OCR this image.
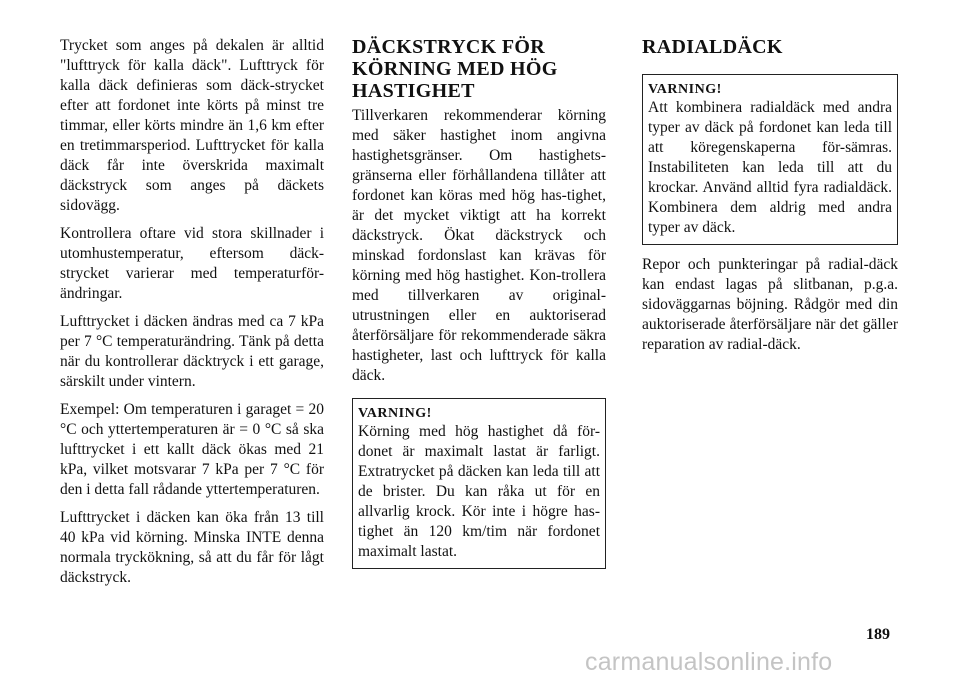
Trycket som anges på dekalen är alltid "lufttryck för kalla däck". Lufttryck för kalla däck definieras som däck-strycket efter att fordonet inte körts på minst tre timmar, eller körts mindre än 1,6 km efter en tretimmarsperiod. Lufttrycket för kalla däck får inte överskrida maximalt däckstryck som anges på däckets sidovägg.

Kontrollera oftare vid stora skillnader i utomhustemperatur, eftersom däck-strycket varierar med temperaturför-ändringar.

Lufttrycket i däcken ändras med ca 7 kPa per 7 °C temperaturändring. Tänk på detta när du kontrollerar däcktryck i ett garage, särskilt under vintern.

Exempel: Om temperaturen i garaget = 20 °C och yttertemperaturen är = 0 °C så ska lufttrycket i ett kallt däck ökas med 21 kPa, vilket motsvarar 7 kPa per 7 °C för den i detta fall rådande yttertemperaturen.

Lufttrycket i däcken kan öka från 13 till 40 kPa vid körning. Minska INTE denna normala tryckökning, så att du får för lågt däckstryck.

DÄCKSTRYCK FÖR KÖRNING MED HÖG HASTIGHET

Tillverkaren rekommenderar körning med säker hastighet inom angivna hastighetsgränser. Om hastighets-gränserna eller förhållandena tillåter att fordonet kan köras med hög has-tighet, är det mycket viktigt att ha korrekt däckstryck. Ökat däckstryck och minskad fordonslast kan krävas för körning med hög hastighet. Kon-trollera med tillverkaren av original-utrustningen eller en auktoriserad återförsäljare för rekommenderade säkra hastigheter, last och lufttryck för kalla däck.

VARNING!
Körning med hög hastighet då för-donet är maximalt lastat är farligt. Extratrycket på däcken kan leda till att de brister. Du kan råka ut för en allvarlig krock. Kör inte i högre has-tighet än 120 km/tim när fordonet maximalt lastat.
RADIALDÄCK
VARNING!
Att kombinera radialdäck med andra typer av däck på fordonet kan leda till att köregenskaperna för-sämras. Instabiliteten kan leda till att du krockar. Använd alltid fyra radialdäck. Kombinera dem aldrig med andra typer av däck.

Repor och punkteringar på radial-däck kan endast lagas på slitbanan, p.g.a. sidoväggarnas böjning. Rådgör med din auktoriserade återförsäljare när det gäller reparation av radial-däck.

189
carmanualsonline.info
